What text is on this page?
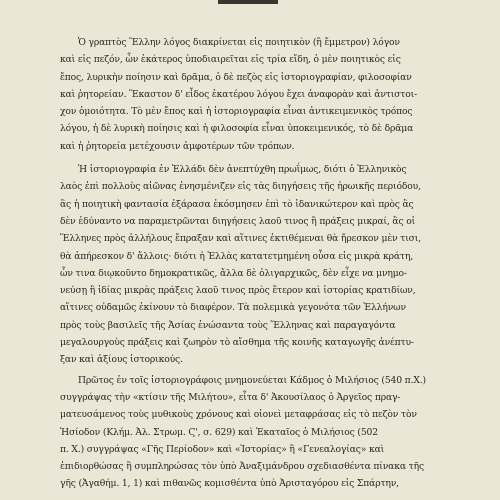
Ὁ γραπτὸς Ἕλλην λόγος διακρίνεται εἰς ποιητικὸν (ἢ ἔμμετρον) λόγον
καὶ εἰς πεζόν, ὧν ἑκάτερος ὑποδιαιρεῖται εἰς τρία εἴδη, ὁ μὲν ποιητικὸς εἰς
ἔπος, λυρικὴν ποίησιν καὶ δρᾶμα, ὁ δὲ πεζὸς εἰς ἱστοριογραφίαν, φιλοσοφίαν
καὶ ῥητορείαν. Ἕκαστον δ' εἶδος ἑκατέρου λόγου ἔχει ἀναφορὰν καὶ ἀντιστοι-
χον ὁμοιότητα. Τὸ μὲν ἔπος καὶ ἡ ἱστοριογραφία εἶναι ἀντικειμενικὸς τρόπος
λόγου, ἡ δὲ λυρικὴ ποίησις καὶ ἡ φιλοσοφία εἶναι ὑποκειμενικός, τὸ δὲ δρᾶμα
καὶ ἡ ῥητορεία μετέχουσιν ἀμφοτέρων τῶν τρόπων.
Ἡ ἱστοριογραφία ἐν Ἑλλάδι δὲν ἀνεπτύχθη πρωΐμως, διότι ὁ Ἑλληνικὸς
λαὸς ἐπὶ πολλοὺς αἰῶνας ἐνησμένιζεν εἰς τὰς διηγήσεις τῆς ἡρωικῆς περιόδου,
ἃς ἡ ποιητικὴ φαντασία ἐξάρασα ἐκόσμησεν ἐπὶ τὸ ἰδανικώτερον καὶ πρὸς ἃς
δὲν ἐδύναντο να παραμετρῶνται διηγήσεις λαοῦ τινος ἢ πράξεις μικραί, ἃς οἱ
Ἕλληνες πρὸς ἀλλήλους ἔπραξαν καὶ αἵτινες ἐκτιθέμεναι θὰ ἤρεσκον μὲν τισι,
θὰ ἀπήρεσκον δ' ἄλλοις· διότι ἡ Ἑλλὰς κατατετμημένη οὖσα εἰς μικρὰ κράτη,
ὧν τινα διῳκοῦντο δημοκρατικῶς, ἄλλα δὲ ὀλιγαρχικῶς, δὲν εἶχε να μνημο-
νεύσῃ ἢ ἰδίας μικρὰς πράξεις λαοῦ τινος πρὸς ἕτερον καὶ ἱστορίας κρατιδίων,
αἵτινες οὐδαμῶς ἐκίνουν τὸ διαφέρον. Τὰ πολεμικὰ γεγονότα τῶν Ἑλλήνων
πρὸς τοὺς βασιλεῖς τῆς Ἀσίας ἑνώσαντα τοὺς Ἕλληνας καὶ παραγαγόντα
μεγαλουργοὺς πράξεις καὶ ζωηρὸν τὸ αἴσθημα τῆς κοινῆς καταγωγῆς ἀνέπτυ-
ξαν καὶ ἀξίους ἱστορικούς.
Πρῶτος ἐν τοῖς ἱστοριογράφοις μνημονεύεται Κάδμος ὁ Μιλήσιος (540 π.Χ.)
συγγράψας τὴν «κτίσιν τῆς Μιλήτου», εἶτα δ' Ἀκουσίλαος ὁ Ἀργεῖος πραγ-
ματευσάμενος τοὺς μυθικοὺς χρόνους καὶ οἱονεὶ μεταφράσας εἰς τὸ πεζὸν τὸν
Ἡσίοδον (Κλήμ. Ἀλ. Στρωμ. Ϛ', σ. 629) καὶ Ἑκαταῖος ὁ Μιλήσιος (502
π. Χ.) συγγράψας «Γῆς Περίοδον» καὶ «Ἱστορίας» ἢ «Γενεαλογίας» καὶ
ἐπιδιορθώσας ἢ συμπληρώσας τὸν ὑπὸ Ἀναξιμάνδρου σχεδιασθέντα πίνακα τῆς
γῆς (Ἀγαθήμ. 1, 1) καὶ πιθανῶς κομισθέντα ὑπὸ Ἀρισταγόρου εἰς Σπάρτην,
